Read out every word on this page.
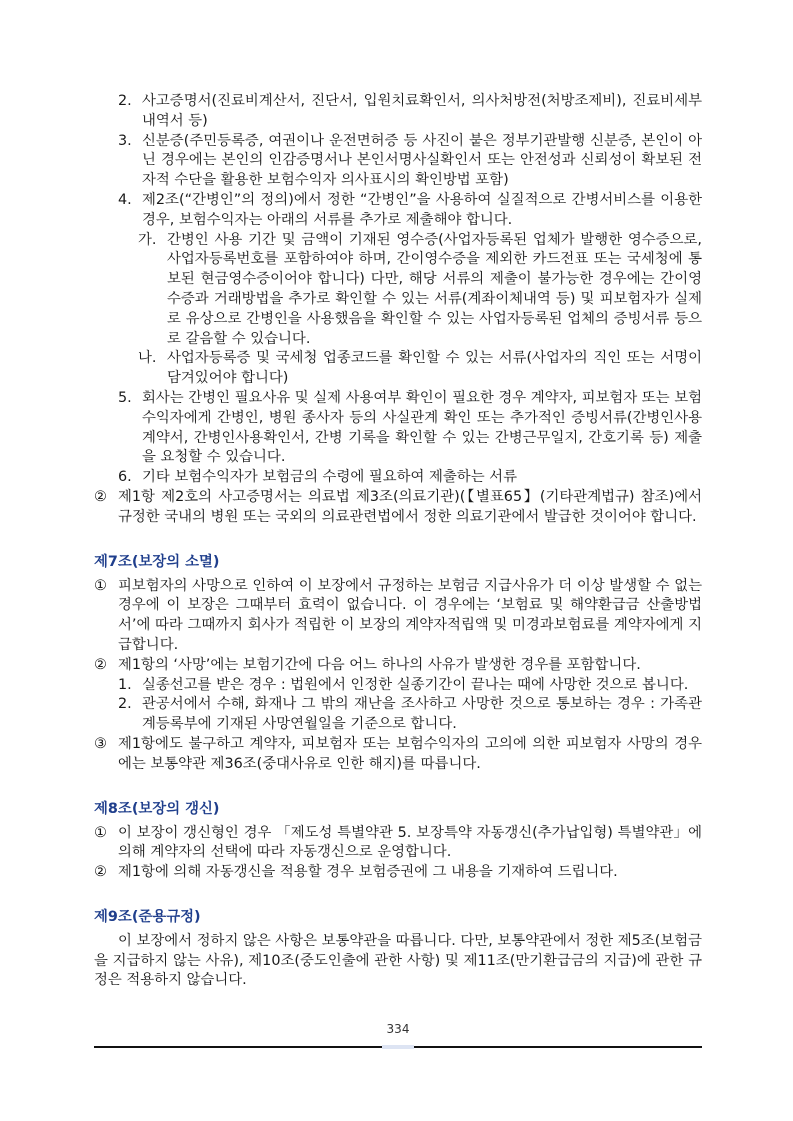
2. 사고증명서(진료비계산서, 진단서, 입원치료확인서, 의사처방전(처방조제비), 진료비세부내역서 등)
3. 신분증(주민등록증, 여권이나 운전면허증 등 사진이 붙은 정부기관발행 신분증, 본인이 아닌 경우에는 본인의 인감증명서나 본인서명사실확인서 또는 안전성과 신뢰성이 확보된 전자적 수단을 활용한 보험수익자 의사표시의 확인방법 포함)
4. 제2조(“간병인”의 정의)에서 정한 “간병인”을 사용하여 실질적으로 간병서비스를 이용한 경우, 보험수익자는 아래의 서류를 추가로 제출해야 합니다.
가. 간병인 사용 기간 및 금액이 기재된 영수증(사업자등록된 업체가 발행한 영수증으로, 사업자등록번호를 포함하여야 하며, 간이영수증을 제외한 카드전표 또는 국세청에 통보된 현금영수증이어야 합니다) 다만, 해당 서류의 제출이 불가능한 경우에는 간이영수증과 거래방법을 추가로 확인할 수 있는 서류(계좌이체내역 등) 및 피보험자가 실제로 유상으로 간병인을 사용했음을 확인할 수 있는 사업자등록된 업체의 증빙서류 등으로 갈음할 수 있습니다.
나. 사업자등록증 및 국세청 업종코드를 확인할 수 있는 서류(사업자의 직인 또는 서명이 담겨있어야 합니다)
5. 회사는 간병인 필요사유 및 실제 사용여부 확인이 필요한 경우 계약자, 피보험자 또는 보험수익자에게 간병인, 병원 종사자 등의 사실관계 확인 또는 추가적인 증빙서류(간병인사용계약서, 간병인사용확인서, 간병 기록을 확인할 수 있는 간병근무일지, 간호기록 등) 제출을 요청할 수 있습니다.
6. 기타 보험수익자가 보험금의 수령에 필요하여 제출하는 서류
② 제1항 제2호의 사고증명서는 의료법 제3조(의료기관)(【별표65】(기타관계법규) 참조)에서 규정한 국내의 병원 또는 국외의 의료관련법에서 정한 의료기관에서 발급한 것이어야 합니다.
제7조(보장의 소멸)
① 피보험자의 사망으로 인하여 이 보장에서 규정하는 보험금 지급사유가 더 이상 발생할 수 없는 경우에 이 보장은 그때부터 효력이 없습니다. 이 경우에는 ‘보험료 및 해약환급금 산출방법서’에 따라 그때까지 회사가 적립한 이 보장의 계약자적립액 및 미경과보험료를 계약자에게 지급합니다.
② 제1항의 ‘사망’에는 보험기간에 다음 어느 하나의 사유가 발생한 경우를 포함합니다.
1. 실종선고를 받은 경우 : 법원에서 인정한 실종기간이 끝나는 때에 사망한 것으로 봅니다.
2. 관공서에서 수해, 화재나 그 밖의 재난을 조사하고 사망한 것으로 통보하는 경우 : 가족관계등록부에 기재된 사망연월일을 기준으로 합니다.
③ 제1항에도 불구하고 계약자, 피보험자 또는 보험수익자의 고의에 의한 피보험자 사망의 경우에는 보통약관 제36조(중대사유로 인한 해지)를 따릅니다.
제8조(보장의 갱신)
① 이 보장이 갱신형인 경우 「제도성 특별약관 5. 보장특약 자동갱신(추가납입형) 특별약관」에 의해 계약자의 선택에 따라 자동갱신으로 운영합니다.
② 제1항에 의해 자동갱신을 적용할 경우 보험증권에 그 내용을 기재하여 드립니다.
제9조(준용규정)
이 보장에서 정하지 않은 사항은 보통약관을 따릅니다. 다만, 보통약관에서 정한 제5조(보험금을 지급하지 않는 사유), 제10조(중도인출에 관한 사항) 및 제11조(만기환급금의 지급)에 관한 규정은 적용하지 않습니다.
334
